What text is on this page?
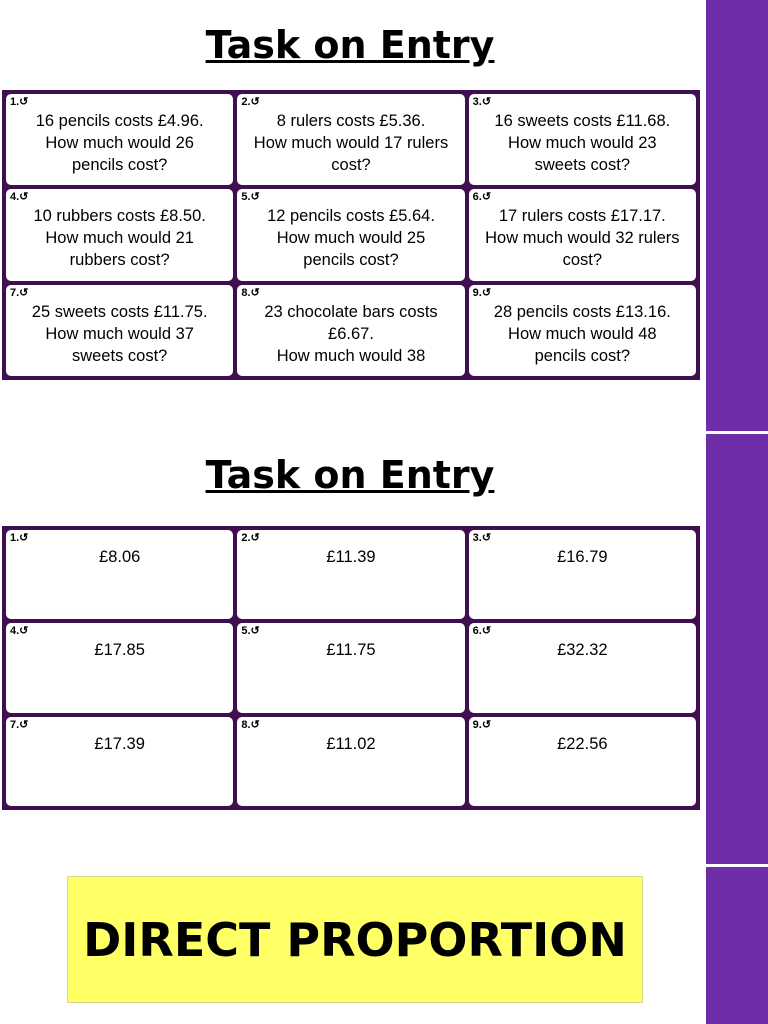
Task on Entry
1.↺
16 pencils costs £4.96.
How much would 26
pencils cost?
2.↺
8 rulers costs £5.36.
How much would 17 rulers
cost?
3.↺
16 sweets costs £11.68.
How much would 23
sweets cost?
4.↺
10 rubbers costs £8.50.
How much would 21
rubbers cost?
5.↺
12 pencils costs £5.64.
How much would 25
pencils cost?
6.↺
17 rulers costs £17.17.
How much would 32 rulers
cost?
7.↺
25 sweets costs £11.75.
How much would 37
sweets cost?
8.↺
23 chocolate bars costs
£6.67.
How much would 38
9.↺
28 pencils costs £13.16.
How much would 48
pencils cost?
Task on Entry
1.↺
£8.06
2.↺
£11.39
3.↺
£16.79
4.↺
£17.85
5.↺
£11.75
6.↺
£32.32
7.↺
£17.39
8.↺
£11.02
9.↺
£22.56
DIRECT PROPORTION
